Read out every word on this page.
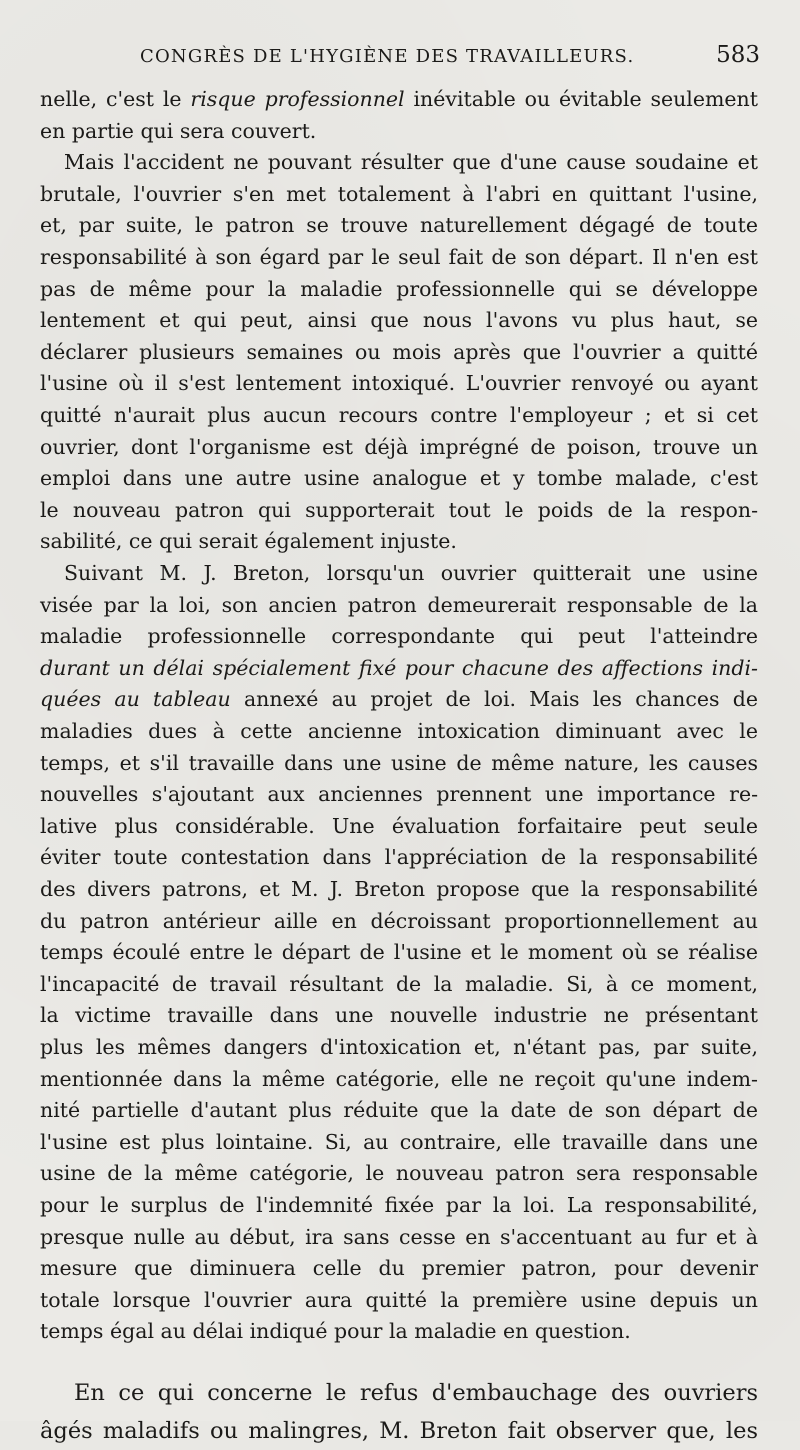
CONGRÈS DE L'HYGIÈNE DES TRAVAILLEURS.	583
nelle, c'est le risque professionnel inévitable ou évitable seulement
en partie qui sera couvert.
Mais l'accident ne pouvant résulter que d'une cause soudaine et
brutale, l'ouvrier s'en met totalement à l'abri en quittant l'usine,
et, par suite, le patron se trouve naturellement dégagé de toute
responsabilité à son égard par le seul fait de son départ. Il n'en est
pas de même pour la maladie professionnelle qui se développe
lentement et qui peut, ainsi que nous l'avons vu plus haut, se
déclarer plusieurs semaines ou mois après que l'ouvrier a quitté
l'usine où il s'est lentement intoxiqué. L'ouvrier renvoyé ou ayant
quitté n'aurait plus aucun recours contre l'employeur ; et si cet
ouvrier, dont l'organisme est déjà imprégné de poison, trouve un
emploi dans une autre usine analogue et y tombe malade, c'est
le nouveau patron qui supporterait tout le poids de la respon-
sabilité, ce qui serait également injuste.
Suivant M. J. Breton, lorsqu'un ouvrier quitterait une usine
visée par la loi, son ancien patron demeurerait responsable de la
maladie professionnelle correspondante qui peut l'atteindre
durant un délai spécialement fixé pour chacune des affections indi-
quées au tableau annexé au projet de loi. Mais les chances de
maladies dues à cette ancienne intoxication diminuant avec le
temps, et s'il travaille dans une usine de même nature, les causes
nouvelles s'ajoutant aux anciennes prennent une importance re-
lative plus considérable. Une évaluation forfaitaire peut seule
éviter toute contestation dans l'appréciation de la responsabilité
des divers patrons, et M. J. Breton propose que la responsabilité
du patron antérieur aille en décroissant proportionnellement au
temps écoulé entre le départ de l'usine et le moment où se réalise
l'incapacité de travail résultant de la maladie. Si, à ce moment,
la victime travaille dans une nouvelle industrie ne présentant
plus les mêmes dangers d'intoxication et, n'étant pas, par suite,
mentionnée dans la même catégorie, elle ne reçoit qu'une indem-
nité partielle d'autant plus réduite que la date de son départ de
l'usine est plus lointaine. Si, au contraire, elle travaille dans une
usine de la même catégorie, le nouveau patron sera responsable
pour le surplus de l'indemnité fixée par la loi. La responsabilité,
presque nulle au début, ira sans cesse en s'accentuant au fur et à
mesure que diminuera celle du premier patron, pour devenir
totale lorsque l'ouvrier aura quitté la première usine depuis un
temps égal au délai indiqué pour la maladie en question.
En ce qui concerne le refus d'embauchage des ouvriers
âgés maladifs ou malingres, M. Breton fait observer que, les
